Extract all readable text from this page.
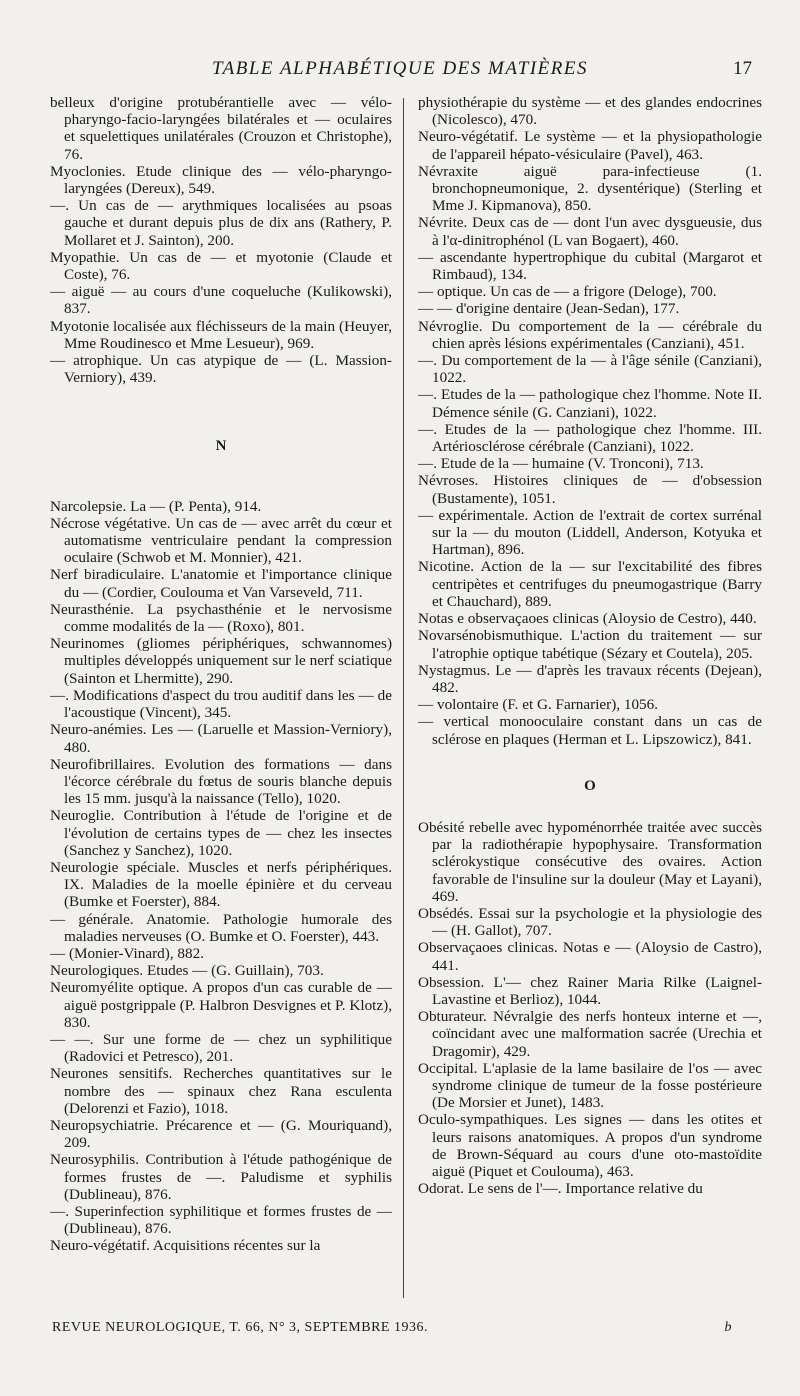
TABLE ALPHABÉTIQUE DES MATIÈRES	17
belleux d'origine protubérantielle avec — vélo-pharyngo-facio-laryngées bilatérales et — oculaires et squelettiques unilatérales (Crouzon et Christophe), 76.
Myoclonies. Etude clinique des — vélo-pharyngo-laryngées (Dereux), 549.
—. Un cas de — arythmiques localisées au psoas gauche et durant depuis plus de dix ans (Rathery, P. Mollaret et J. Sainton), 200.
Myopathie. Un cas de — et myotonie (Claude et Coste), 76.
— aiguë — au cours d'une coqueluche (Kulikowski), 837.
Myotonie localisée aux fléchisseurs de la main (Heuyer, Mme Roudinesco et Mme Lesueur), 969.
— atrophique. Un cas atypique de — (L. Massion-Verniory), 439.
N
Narcolepsie. La — (P. Penta), 914.
Nécrose végétative. Un cas de — avec arrêt du cœur et automatisme ventriculaire pendant la compression oculaire (Schwob et M. Monnier), 421.
Nerf biradiculaire. L'anatomie et l'importance clinique du — (Cordier, Coulouma et Van Varseveld, 711.
Neurasthénie. La psychasthénie et le nervosisme comme modalités de la — (Roxo), 801.
Neurinomes (gliomes périphériques, schwannomes) multiples développés uniquement sur le nerf sciatique (Sainton et Lhermitte), 290.
—. Modifications d'aspect du trou auditif dans les — de l'acoustique (Vincent), 345.
Neuro-anémies. Les — (Laruelle et Massion-Verniory), 480.
Neurofibrillaires. Evolution des formations — dans l'écorce cérébrale du fœtus de souris blanche depuis les 15 mm. jusqu'à la naissance (Tello), 1020.
Neuroglie. Contribution à l'étude de l'origine et de l'évolution de certains types de — chez les insectes (Sanchez y Sanchez), 1020.
Neurologie spéciale. Muscles et nerfs périphériques. IX. Maladies de la moelle épinière et du cerveau (Bumke et Foerster), 884.
— générale. Anatomie. Pathologie humorale des maladies nerveuses (O. Bumke et O. Foerster), 443.
— (Monier-Vinard), 882.
Neurologiques. Etudes — (G. Guillain), 703.
Neuromyélite optique. A propos d'un cas curable de — aiguë postgrippale (P. Halbron Desvignes et P. Klotz), 830.
— —. Sur une forme de — chez un syphilitique (Radovici et Petresco), 201.
Neurones sensitifs. Recherches quantitatives sur le nombre des — spinaux chez Rana esculenta (Delorenzi et Fazio), 1018.
Neuropsychiatrie. Précarence et — (G. Mouriquand), 209.
Neurosyphilis. Contribution à l'étude pathogénique de formes frustes de —. Paludisme et syphilis (Dublineau), 876.
—. Superinfection syphilitique et formes frustes de — (Dublineau), 876.
Neuro-végétatif. Acquisitions récentes sur la
physiothérapie du système — et des glandes endocrines (Nicolesco), 470.
Neuro-végétatif. Le système — et la physiopathologie de l'appareil hépato-vésiculaire (Pavel), 463.
Névraxite aiguë para-infectieuse (1. bronchopneumonique, 2. dysentérique) (Sterling et Mme J. Kipmanova), 850.
Névrite. Deux cas de — dont l'un avec dysgueusie, dus à l'α-dinitrophénol (L van Bogaert), 460.
— ascendante hypertrophique du cubital (Margarot et Rimbaud), 134.
— optique. Un cas de — a frigore (Deloge), 700.
— — d'origine dentaire (Jean-Sedan), 177.
Névroglie. Du comportement de la — cérébrale du chien après lésions expérimentales (Canziani), 451.
—. Du comportement de la — à l'âge sénile (Canziani), 1022.
—. Etudes de la — pathologique chez l'homme. Note II. Démence sénile (G. Canziani), 1022.
—. Etudes de la — pathologique chez l'homme. III. Artériosclérose cérébrale (Canziani), 1022.
—. Etude de la — humaine (V. Tronconi), 713.
Névroses. Histoires cliniques de — d'obsession (Bustamente), 1051.
— expérimentale. Action de l'extrait de cortex surrénal sur la — du mouton (Liddell, Anderson, Kotyuka et Hartman), 896.
Nicotine. Action de la — sur l'excitabilité des fibres centripètes et centrifuges du pneumogastrique (Barry et Chauchard), 889.
Notas e observaçaoes clinicas (Aloysio de Cestro), 440.
Novarsénobismuthique. L'action du traitement — sur l'atrophie optique tabétique (Sézary et Coutela), 205.
Nystagmus. Le — d'après les travaux récents (Dejean), 482.
— volontaire (F. et G. Farnarier), 1056.
— vertical monooculaire constant dans un cas de sclérose en plaques (Herman et L. Lipszowicz), 841.
O
Obésité rebelle avec hypoménorrhée traitée avec succès par la radiothérapie hypophysaire. Transformation sclérokystique consécutive des ovaires. Action favorable de l'insuline sur la douleur (May et Layani), 469.
Obsédés. Essai sur la psychologie et la physiologie des — (H. Gallot), 707.
Observaçaoes clinicas. Notas e — (Aloysio de Castro), 441.
Obsession. L'— chez Rainer Maria Rilke (Laignel-Lavastine et Berlioz), 1044.
Obturateur. Névralgie des nerfs honteux interne et —, coïncidant avec une malformation sacrée (Urechia et Dragomir), 429.
Occipital. L'aplasie de la lame basilaire de l'os — avec syndrome clinique de tumeur de la fosse postérieure (De Morsier et Junet), 1483.
Oculo-sympathiques. Les signes — dans les otites et leurs raisons anatomiques. A propos d'un syndrome de Brown-Séquard au cours d'une oto-mastoïdite aiguë (Piquet et Coulouma), 463.
Odorat. Le sens de l'—. Importance relative du
REVUE NEUROLOGIQUE, T. 66, N° 3, SEPTEMBRE 1936.	b
